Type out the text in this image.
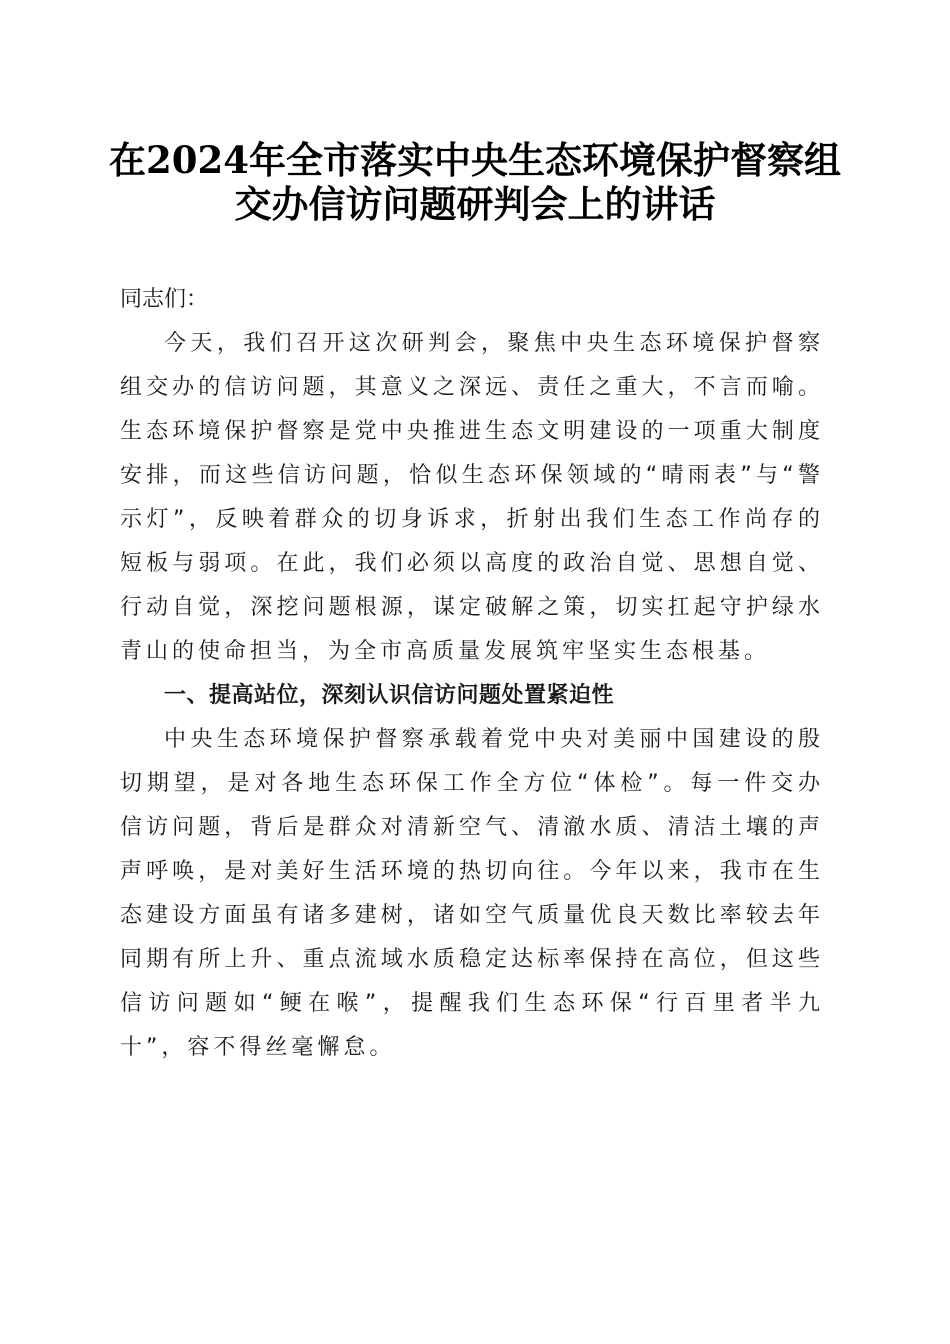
在2024年全市落实中央生态环境保护督察组
交办信访问题研判会上的讲话

同志们：

今天，我们召开这次研判会，聚焦中央生态环境保护督察组交办的信访问题，其意义之深远、责任之重大，不言而喻。生态环境保护督察是党中央推进生态文明建设的一项重大制度安排，而这些信访问题，恰似生态环保领域的“晴雨表”与“警示灯”，反映着群众的切身诉求，折射出我们生态工作尚存的短板与弱项。在此，我们必须以高度的政治自觉、思想自觉、行动自觉，深挖问题根源，谋定破解之策，切实扛起守护绿水青山的使命担当，为全市高质量发展筑牢坚实生态根基。

一、提高站位，深刻认识信访问题处置紧迫性

中央生态环境保护督察承载着党中央对美丽中国建设的殷切期望，是对各地生态环保工作全方位“体检”。每一件交办信访问题，背后是群众对清新空气、清澈水质、清洁土壤的声声呼唤，是对美好生活环境的热切向往。今年以来，我市在生态建设方面虽有诸多建树，诸如空气质量优良天数比率较去年同期有所上升、重点流域水质稳定达标率保持在高位，但这些信访问题如“鲠在喉”，提醒我们生态环保“行百里者半九十”，容不得丝毫懈怠。
